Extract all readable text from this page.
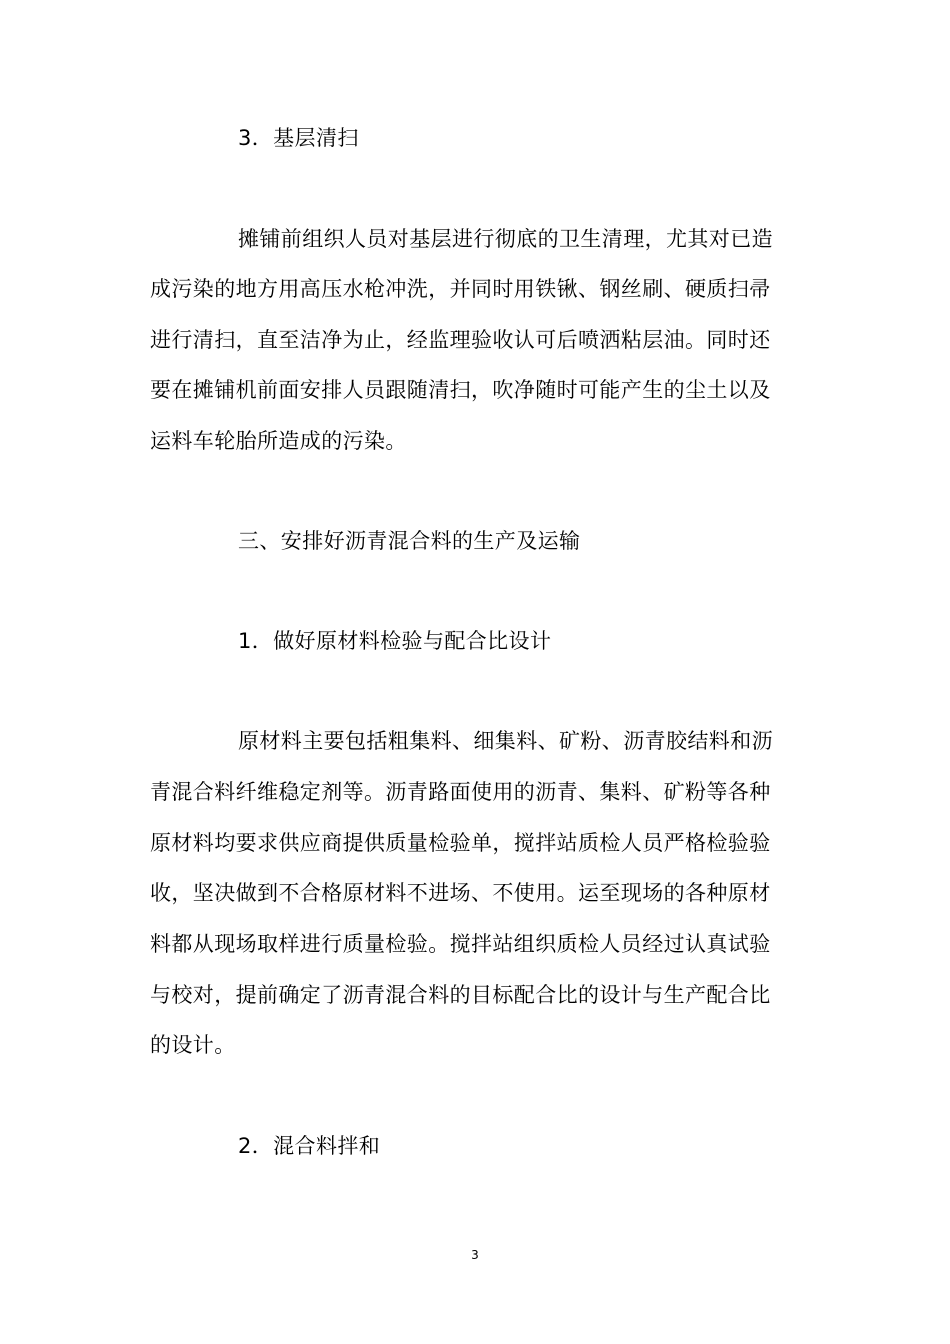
3．基层清扫
摊铺前组织人员对基层进行彻底的卫生清理，尤其对已造
成污染的地方用高压水枪冲洗，并同时用铁锹、钢丝刷、硬质扫帚
进行清扫，直至洁净为止，经监理验收认可后喷洒粘层油。同时还
要在摊铺机前面安排人员跟随清扫，吹净随时可能产生的尘土以及
运料车轮胎所造成的污染。
三、安排好沥青混合料的生产及运输
1．做好原材料检验与配合比设计
原材料主要包括粗集料、细集料、矿粉、沥青胶结料和沥
青混合料纤维稳定剂等。沥青路面使用的沥青、集料、矿粉等各种
原材料均要求供应商提供质量检验单，搅拌站质检人员严格检验验
收，坚决做到不合格原材料不进场、不使用。运至现场的各种原材
料都从现场取样进行质量检验。搅拌站组织质检人员经过认真试验
与校对，提前确定了沥青混合料的目标配合比的设计与生产配合比
的设计。
2．混合料拌和
3
